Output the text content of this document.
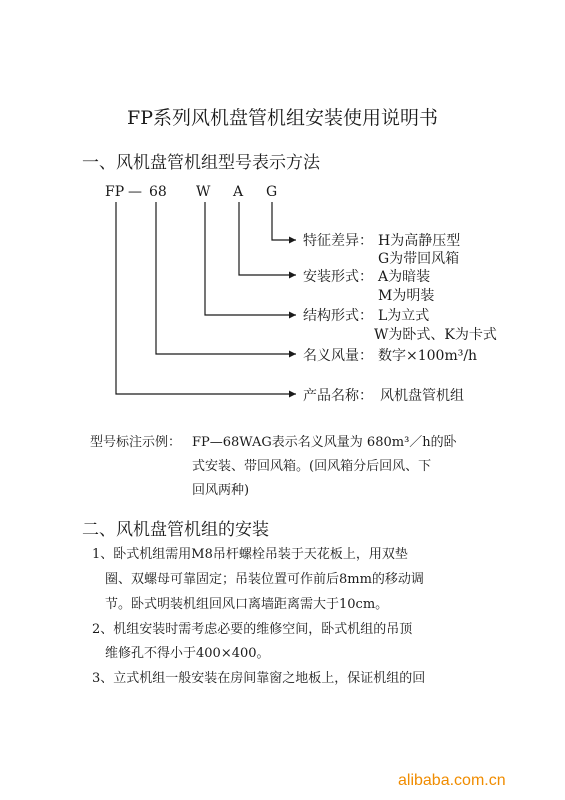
FP系列风机盘管机组安装使用说明书
一、风机盘管机组型号表示方法
FP — 68 W A G
特征差异： H为高静压型
G为带回风箱
安装形式： A为暗装
M为明装
结构形式： L为立式
W为卧式、K为卡式
名义风量： 数字×100m³/h
产品名称： 风机盘管机组
型号标注示例： FP—68WAG表示名义风量为 680m³／h的卧
式安装、带回风箱。(回风箱分后回风、下
回风两种)
二、风机盘管机组的安装
1、卧式机组需用M8吊杆螺栓吊装于天花板上，用双垫
圈、双螺母可靠固定；吊装位置可作前后8mm的移动调
节。卧式明装机组回风口离墙距离需大于10cm。
2、机组安装时需考虑必要的维修空间，卧式机组的吊顶
维修孔不得小于400×400。
3、立式机组一般安装在房间靠窗之地板上，保证机组的回
alibaba.com.cn
